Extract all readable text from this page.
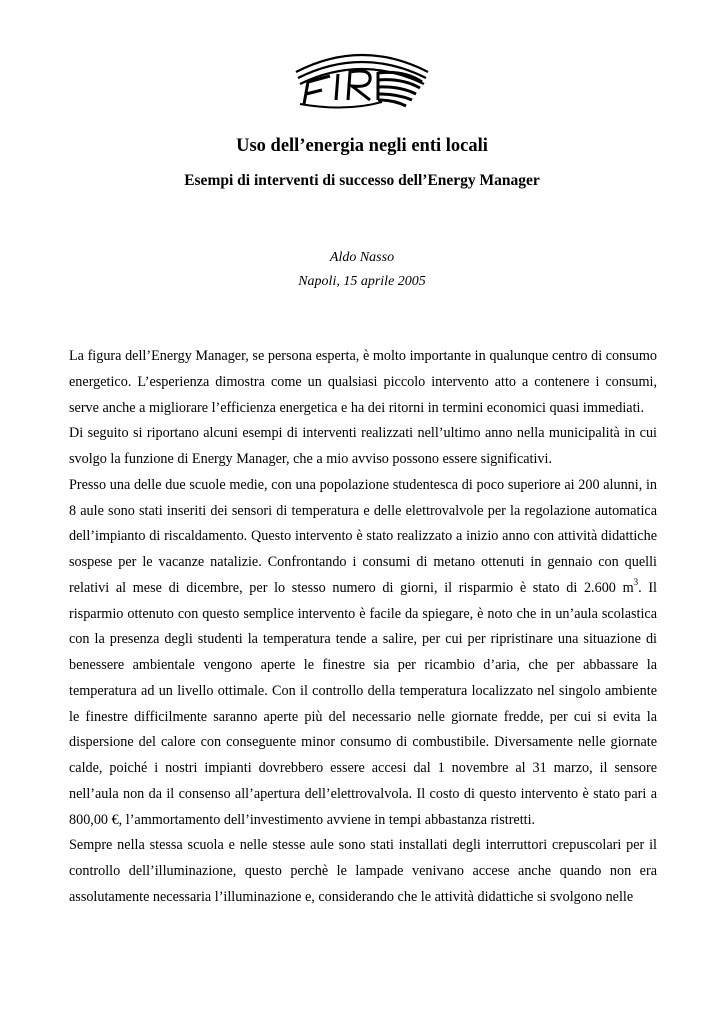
Uso dell’energia negli enti locali
Esempi di interventi di successo dell’Energy Manager
Aldo Nasso
Napoli, 15 aprile 2005

La figura dell’Energy Manager, se persona esperta, è molto importante in qualunque centro di consumo energetico. L’esperienza dimostra come un qualsiasi piccolo intervento atto a contenere i consumi, serve anche a migliorare l’efficienza energetica e ha dei ritorni in termini economici quasi immediati.

Di seguito si riportano alcuni esempi di interventi realizzati nell’ultimo anno nella municipalità in cui svolgo la funzione di Energy Manager, che a mio avviso possono essere significativi.

Presso una delle due scuole medie, con una popolazione studentesca di poco superiore ai 200 alunni, in 8 aule sono stati inseriti dei sensori di temperatura e delle elettrovalvole per la regolazione automatica dell’impianto di riscaldamento. Questo intervento è stato realizzato a inizio anno con attività didattiche sospese per le vacanze natalizie. Confrontando i consumi di metano ottenuti in gennaio con quelli relativi al mese di dicembre, per lo stesso numero di giorni, il risparmio è stato di 2.600 $m^3$. Il risparmio ottenuto con questo semplice intervento è facile da spiegare, è noto che in un’aula scolastica con la presenza degli studenti la temperatura tende a salire, per cui per ripristinare una situazione di benessere ambientale vengono aperte le finestre sia per ricambio d’aria, che per abbassare la temperatura ad un livello ottimale. Con il controllo della temperatura localizzato nel singolo ambiente le finestre difficilmente saranno aperte più del necessario nelle giornate fredde, per cui si evita la dispersione del calore con conseguente minor consumo di combustibile. Diversamente nelle giornate calde, poiché i nostri impianti dovrebbero essere accesi dal 1 novembre al 31 marzo, il sensore nell’aula non da il consenso all’apertura dell’elettrovalvola. Il costo di questo intervento è stato pari a 800,00 €, l’ammortamento dell’investimento avviene in tempi abbastanza ristretti.

Sempre nella stessa scuola e nelle stesse aule sono stati installati degli interruttori crepuscolari per il controllo dell’illuminazione, questo perchè le lampade venivano accese anche quando non era assolutamente necessaria l’illuminazione e, considerando che le attività didattiche si svolgono nelle
